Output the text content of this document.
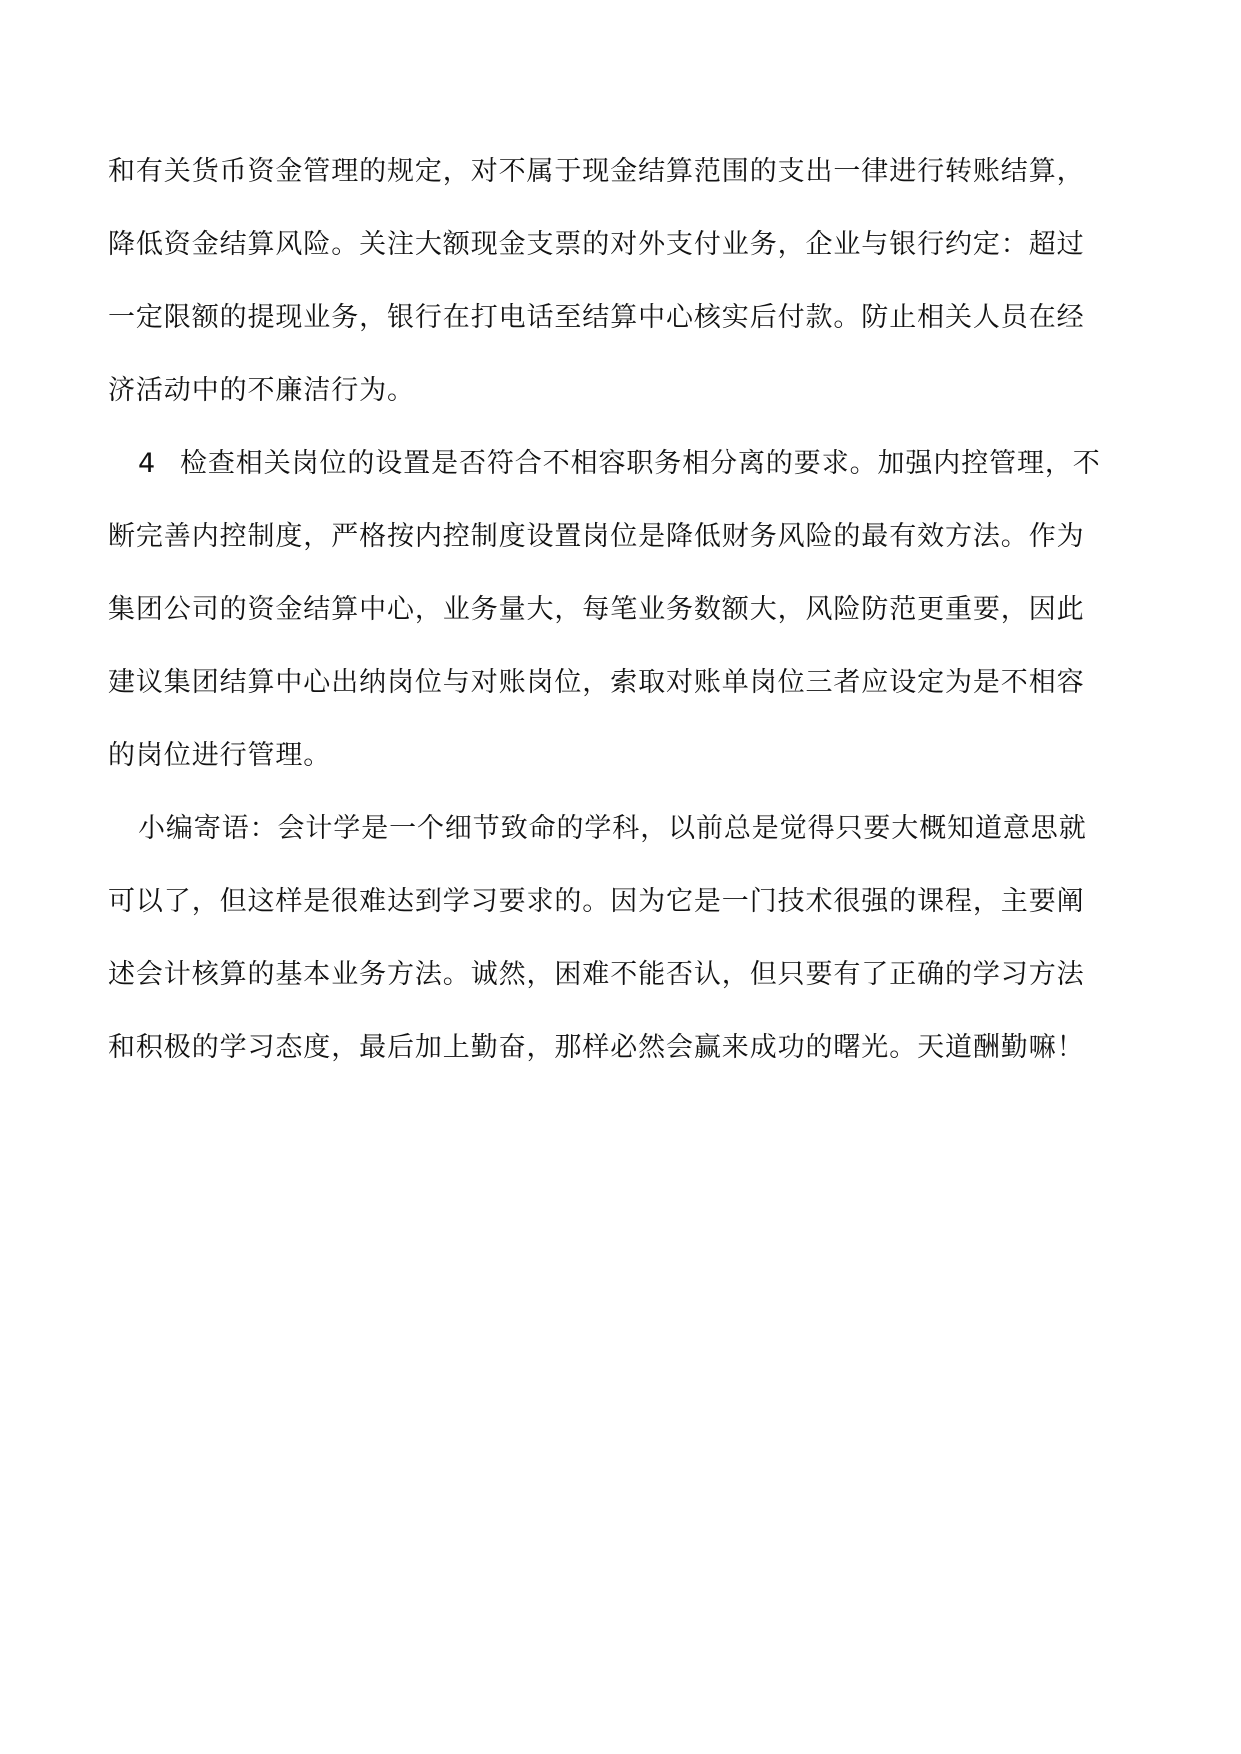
和有关货币资金管理的规定，对不属于现金结算范围的支出一律进行转账结算，
降低资金结算风险。关注大额现金支票的对外支付业务，企业与银行约定：超过
一定限额的提现业务，银行在打电话至结算中心核实后付款。防止相关人员在经
济活动中的不廉洁行为。
4 检查相关岗位的设置是否符合不相容职务相分离的要求。加强内控管理，不
断完善内控制度，严格按内控制度设置岗位是降低财务风险的最有效方法。作为
集团公司的资金结算中心，业务量大，每笔业务数额大，风险防范更重要，因此
建议集团结算中心出纳岗位与对账岗位，索取对账单岗位三者应设定为是不相容
的岗位进行管理。
小编寄语：会计学是一个细节致命的学科，以前总是觉得只要大概知道意思就
可以了，但这样是很难达到学习要求的。因为它是一门技术很强的课程，主要阐
述会计核算的基本业务方法。诚然，困难不能否认，但只要有了正确的学习方法
和积极的学习态度，最后加上勤奋，那样必然会赢来成功的曙光。天道酬勤嘛！
